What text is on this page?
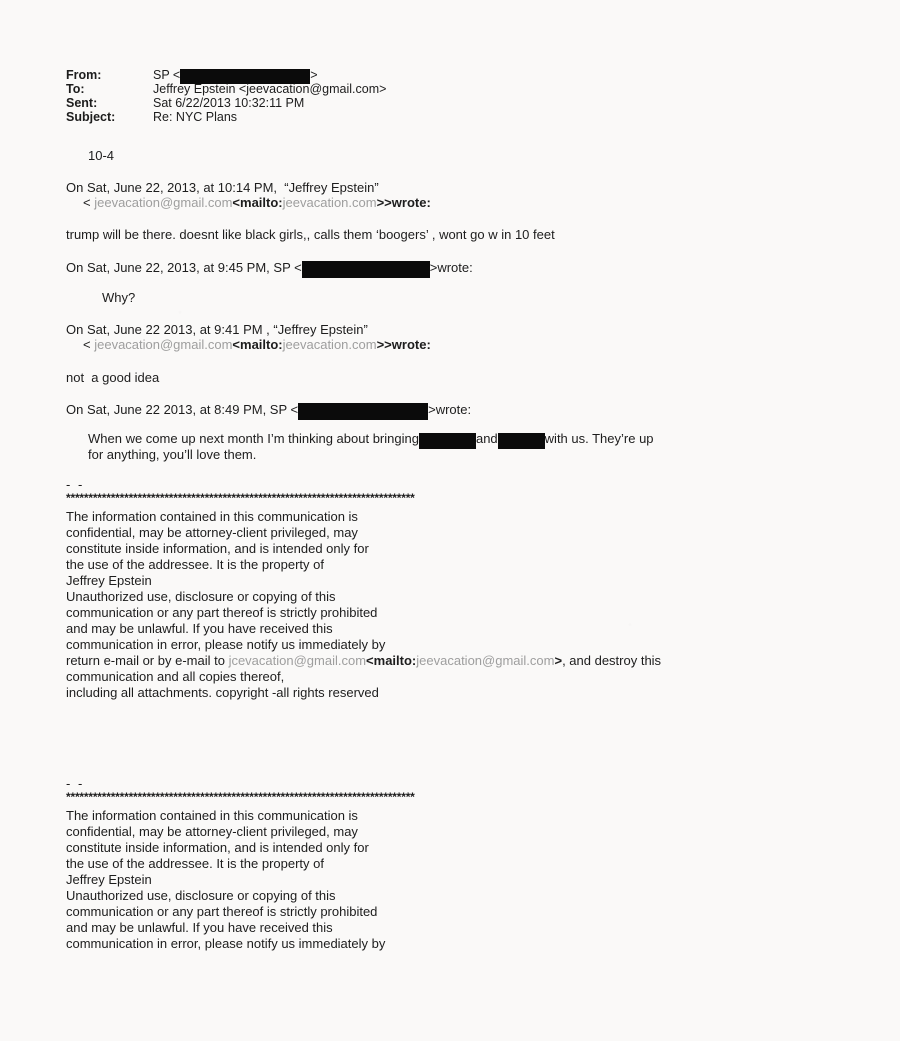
From:	SP <	>
To:	Jeffrey Epstein <jeevacation@gmail.com>
Sent:	Sat 6/22/2013 10:32:11 PM
Subject:	Re: NYC Plans
10-4
On Sat, June 22, 2013, at 10:14 PM,  “Jeffrey Epstein”
< jeevacation@gmail.com<mailto:jeevacation.com>>wrote:
trump will be there. doesnt like black girls,, calls them ‘boogers’ , wont go w in 10 feet
On Sat, June 22, 2013, at 9:45 PM, SP <	>wrote:
Why?
On Sat, June 22 2013, at 9:41 PM , “Jeffrey Epstein”
< jeevacation@gmail.com<mailto:jeevacation.com>>wrote:
not  a good idea
On Sat, June 22 2013, at 8:49 PM, SP <	>wrote:
When we come up next month I’m thinking about bringing	and	with us. They’re up
for anything, you’ll love them.
- -
******************************************************************************
The information contained in this communication is
confidential, may be attorney-client privileged, may
constitute inside information, and is intended only for
the use of the addressee. It is the property of
Jeffrey Epstein
Unauthorized use, disclosure or copying of this
communication or any part thereof is strictly prohibited
and may be unlawful. If you have received this
communication in error, please notify us immediately by
return e-mail or by e-mail to jcevacation@gmail.com<mailto:jeevacation@gmail.com>, and destroy this
communication and all copies thereof,
including all attachments. copyright -all rights reserved
- -
******************************************************************************
The information contained in this communication is
confidential, may be attorney-client privileged, may
constitute inside information, and is intended only for
the use of the addressee. It is the property of
Jeffrey Epstein
Unauthorized use, disclosure or copying of this
communication or any part thereof is strictly prohibited
and may be unlawful. If you have received this
communication in error, please notify us immediately by
